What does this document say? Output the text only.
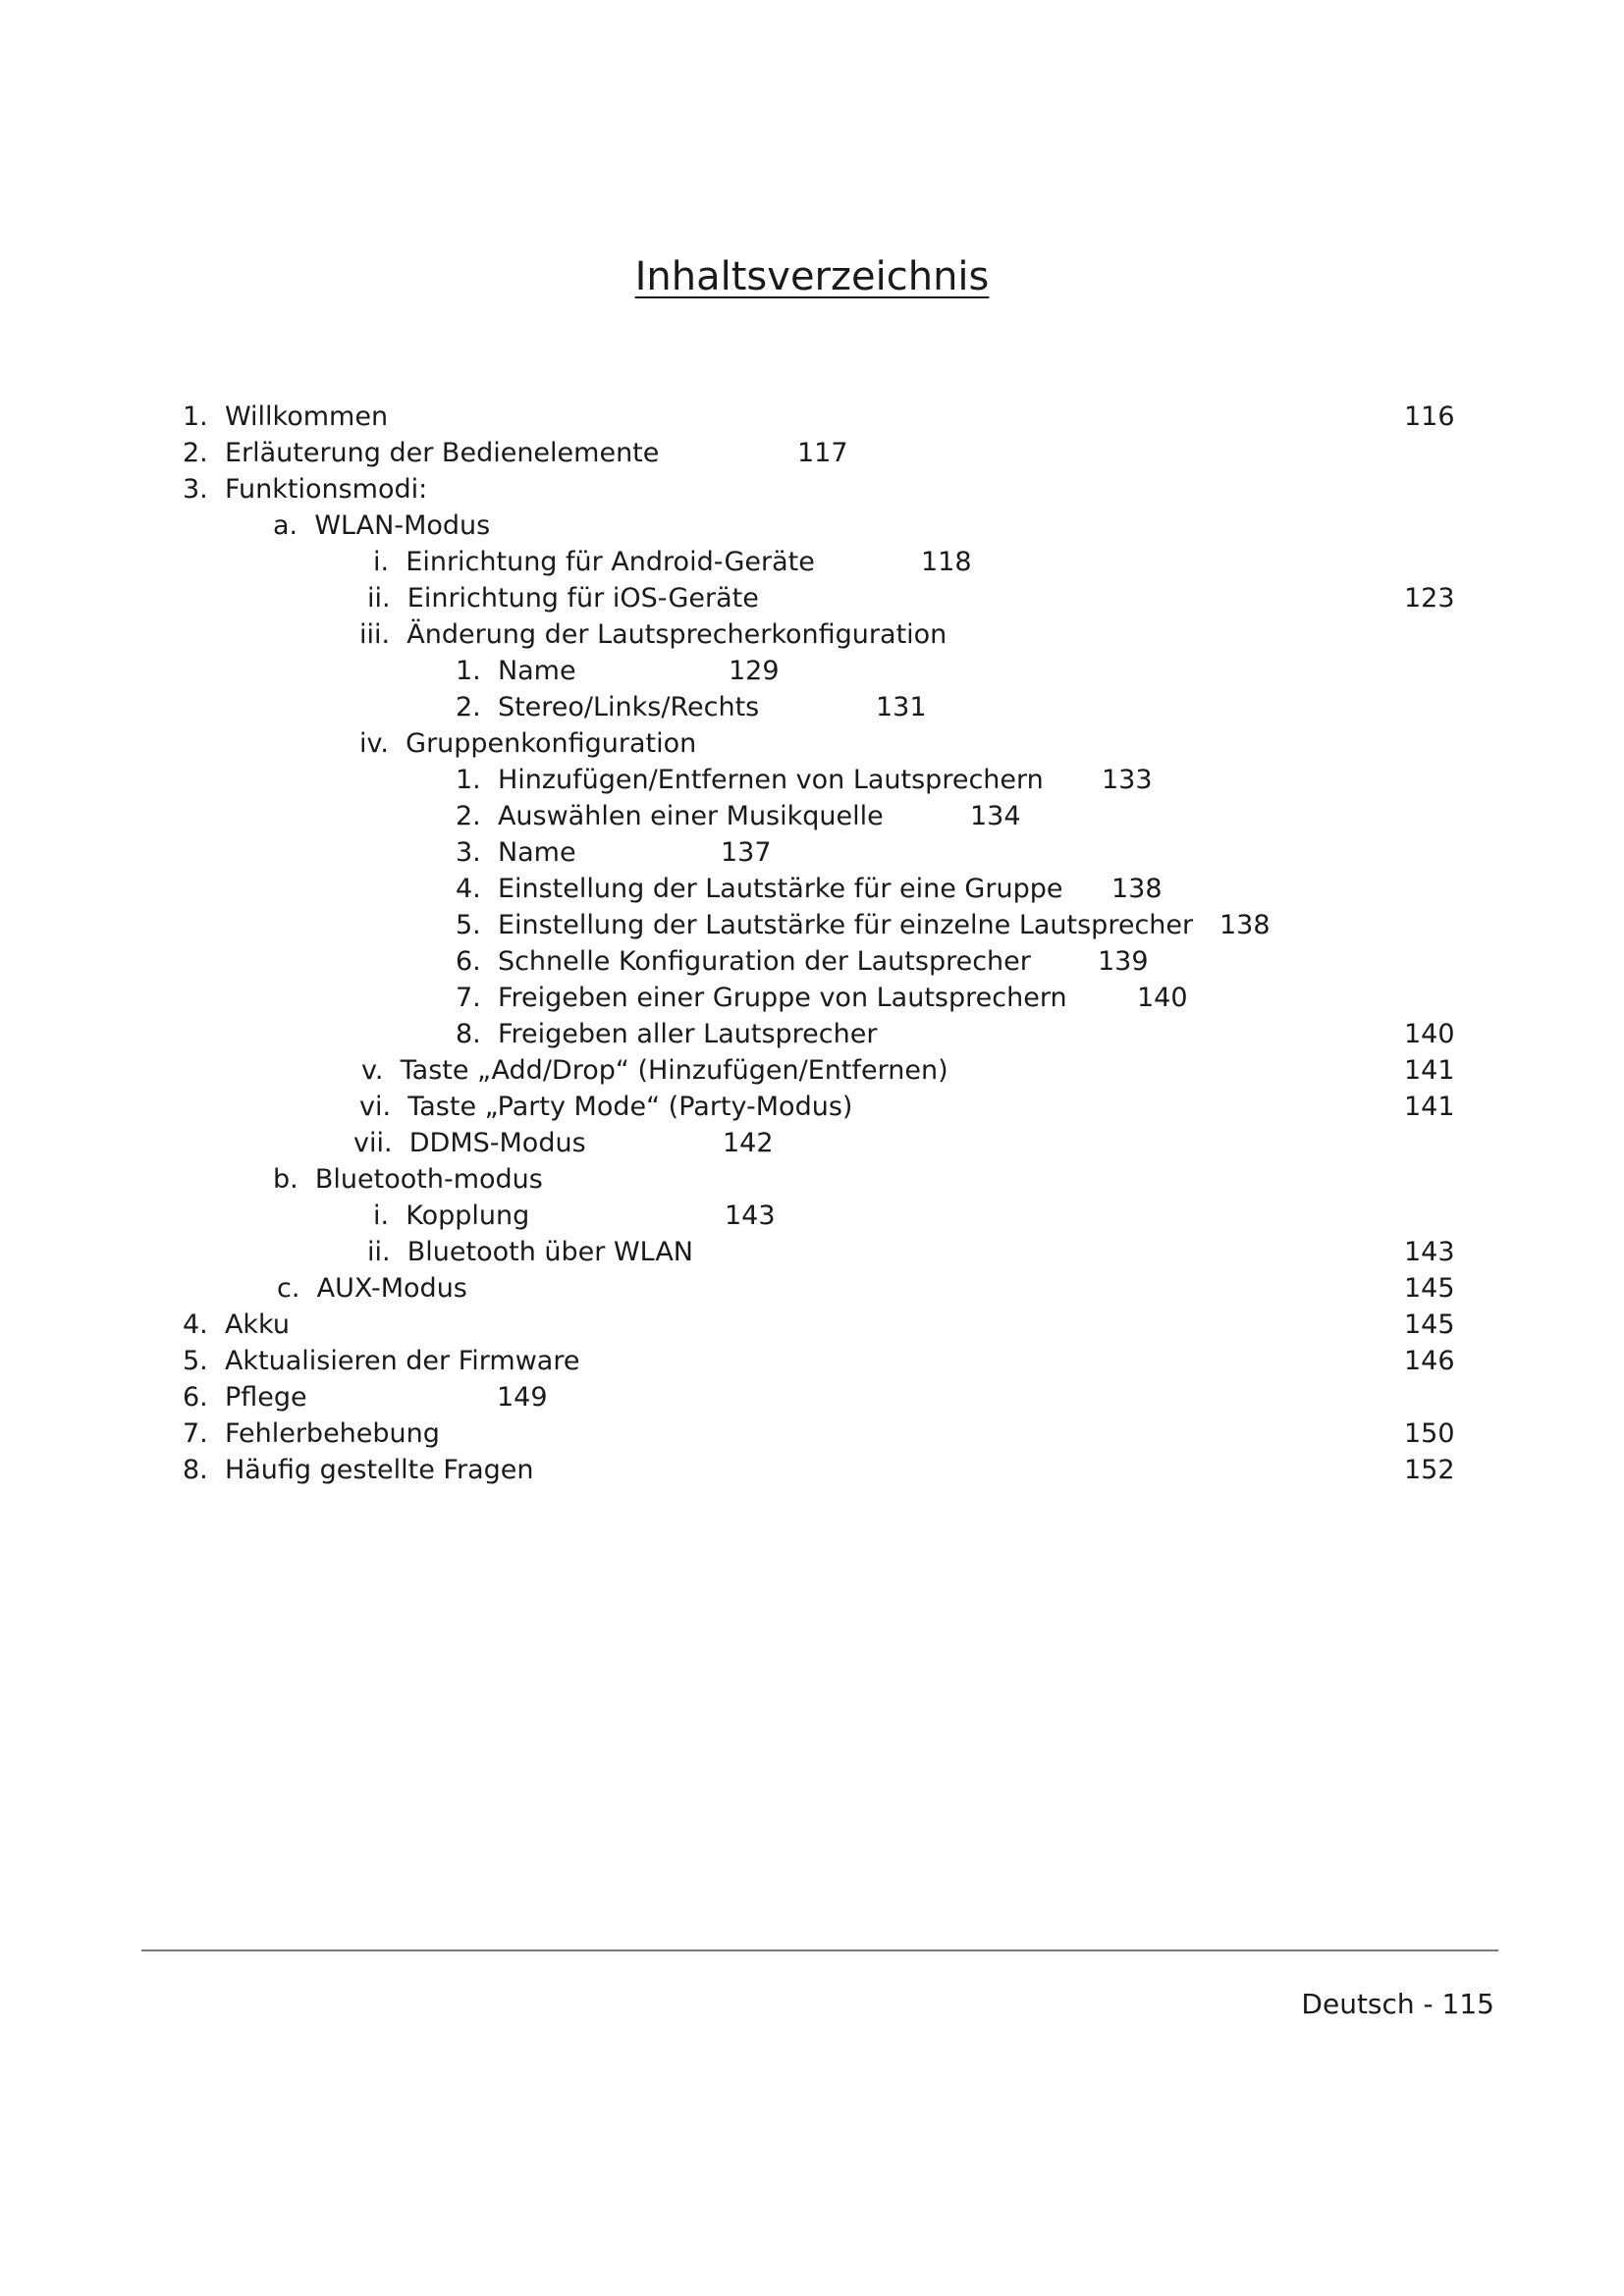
Inhaltsverzeichnis
1. Willkommen	116
2. Erläuterung der Bedienelemente	117
3. Funktionsmodi:
a. WLAN-Modus
i. Einrichtung für Android-Geräte	118
ii. Einrichtung für iOS-Geräte	123
iii. Änderung der Lautsprecherkonfiguration
1. Name	129
2. Stereo/Links/Rechts	131
iv. Gruppenkonfiguration
1. Hinzufügen/Entfernen von Lautsprechern 133
2. Auswählen einer Musikquelle	134
3. Name	137
4. Einstellung der Lautstärke für eine Gruppe 138
5. Einstellung der Lautstärke für einzelne Lautsprecher 138
6. Schnelle Konfiguration der Lautsprecher	139
7. Freigeben einer Gruppe von Lautsprechern	140
8. Freigeben aller Lautsprecher	140
v. Taste „Add/Drop“ (Hinzufügen/Entfernen)	141
vi. Taste „Party Mode“ (Party-Modus)	141
vii. DDMS-Modus	142
b. Bluetooth-modus
i. Kopplung	143
ii. Bluetooth über WLAN	143
c. AUX-Modus	145
4. Akku	145
5. Aktualisieren der Firmware	146
6. Pflege	149
7. Fehlerbehebung	150
8. Häufig gestellte Fragen	152
Deutsch - 115
